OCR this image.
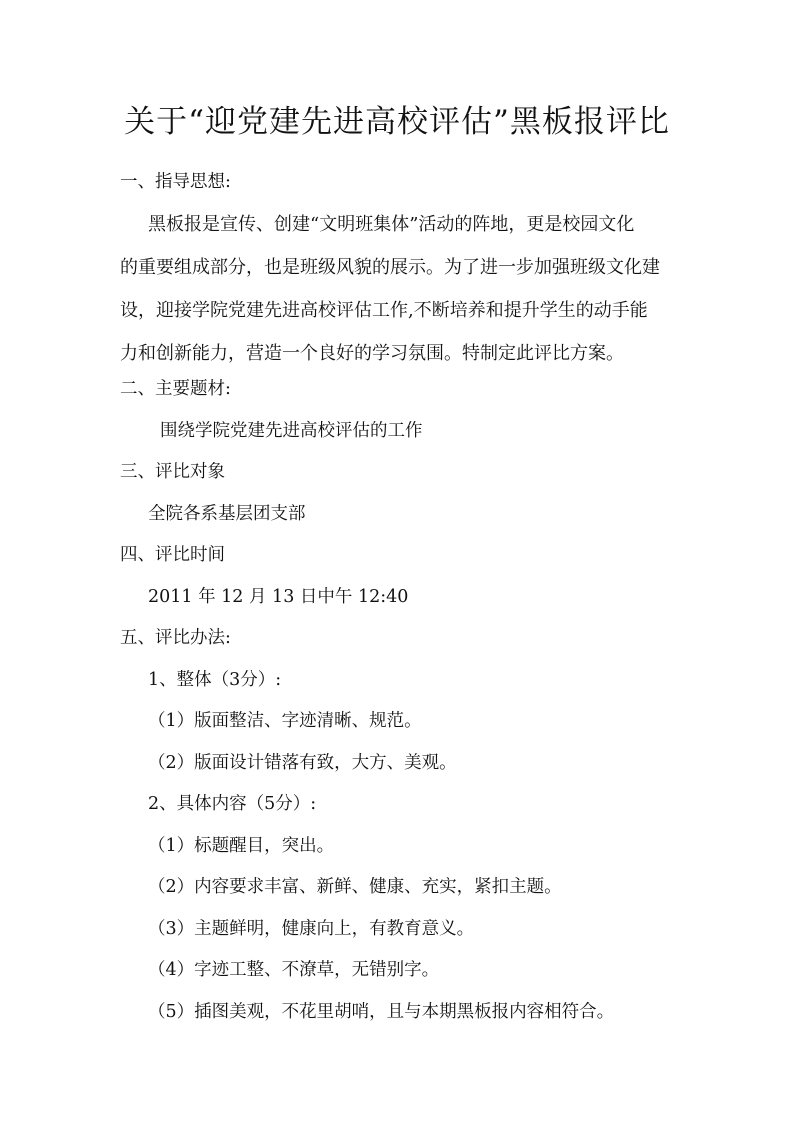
关于“迎党建先进高校评估”黑板报评比
一、指导思想:
黑板报是宣传、创建“文明班集体”活动的阵地，更是校园文化
的重要组成部分，也是班级风貌的展示。为了进一步加强班级文化建
设，迎接学院党建先进高校评估工作,不断培养和提升学生的动手能
力和创新能力，营造一个良好的学习氛围。特制定此评比方案。
二、主要题材:
围绕学院党建先进高校评估的工作
三、评比对象
全院各系基层团支部
四、评比时间
2011 年 12 月 13 日中午 12:40
五、评比办法:
1、整体（3分）:
（1）版面整洁、字迹清晰、规范。
（2）版面设计错落有致，大方、美观。
2、具体内容（5分）:
（1）标题醒目，突出。
（2）内容要求丰富、新鲜、健康、充实，紧扣主题。
（3）主题鲜明，健康向上，有教育意义。
（4）字迹工整、不潦草，无错别字。
（5）插图美观，不花里胡哨，且与本期黑板报内容相符合。
